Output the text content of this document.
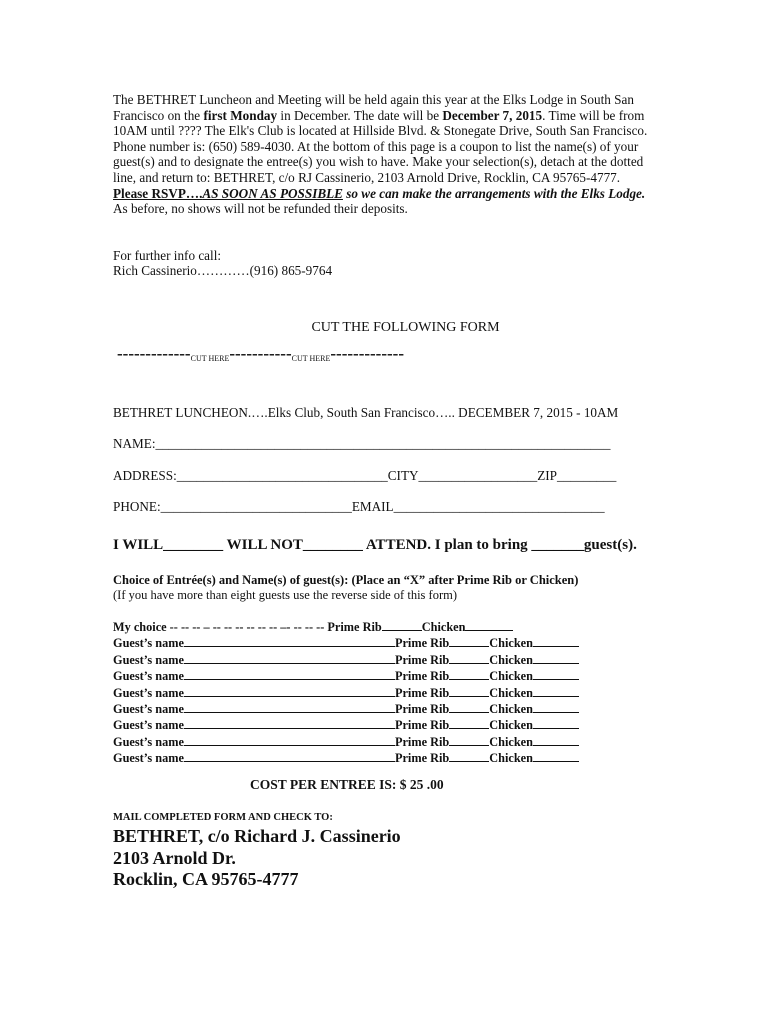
The BETHRET Luncheon and Meeting will be held again this year at the Elks Lodge in South San Francisco on the first Monday in December. The date will be December 7, 2015. Time will be from 10AM until ???? The Elk's Club is located at Hillside Blvd. & Stonegate Drive, South San Francisco. Phone number is: (650) 589-4030. At the bottom of this page is a coupon to list the name(s) of your guest(s) and to designate the entree(s) you wish to have. Make your selection(s), detach at the dotted line, and return to: BETHRET, c/o RJ Cassinerio, 2103 Arnold Drive, Rocklin, CA 95765-4777. Please RSVP….AS SOON AS POSSIBLE so we can make the arrangements with the Elks Lodge. As before, no shows will not be refunded their deposits.

For further info call:
Rich Cassinerio…………(916) 865-9764
CUT THE FOLLOWING FORM
-------------CUT HERE-----------CUT HERE-------------
BETHRET LUNCHEON.….Elks Club, South San Francisco….. DECEMBER 7, 2015 - 10AM
NAME:_____________________________________________________________________
ADDRESS:________________________________CITY__________________ZIP_________
PHONE:_____________________________EMAIL________________________________
I WILL________ WILL NOT________ ATTEND. I plan to bring _______guest(s).
Choice of Entrée(s) and Name(s) of guest(s): (Place an “X” after Prime Rib or Chicken)
(If you have more than eight guests use the reverse side of this form)
My choice -- -- -- – -- -- -- -- -- -- –- -- -- -- Prime Rib	Chicken
Guest’s name	Prime Rib	Chicken
Guest’s name	Prime Rib	Chicken
Guest’s name	Prime Rib	Chicken
Guest’s name	Prime Rib	Chicken
Guest’s name	Prime Rib	Chicken
Guest’s name	Prime Rib	Chicken
Guest’s name	Prime Rib	Chicken
Guest’s name	Prime Rib	Chicken
COST PER ENTREE IS: $ 25 .00
MAIL COMPLETED FORM AND CHECK TO:
BETHRET, c/o Richard J. Cassinerio
2103 Arnold Dr.
Rocklin, CA 95765-4777
